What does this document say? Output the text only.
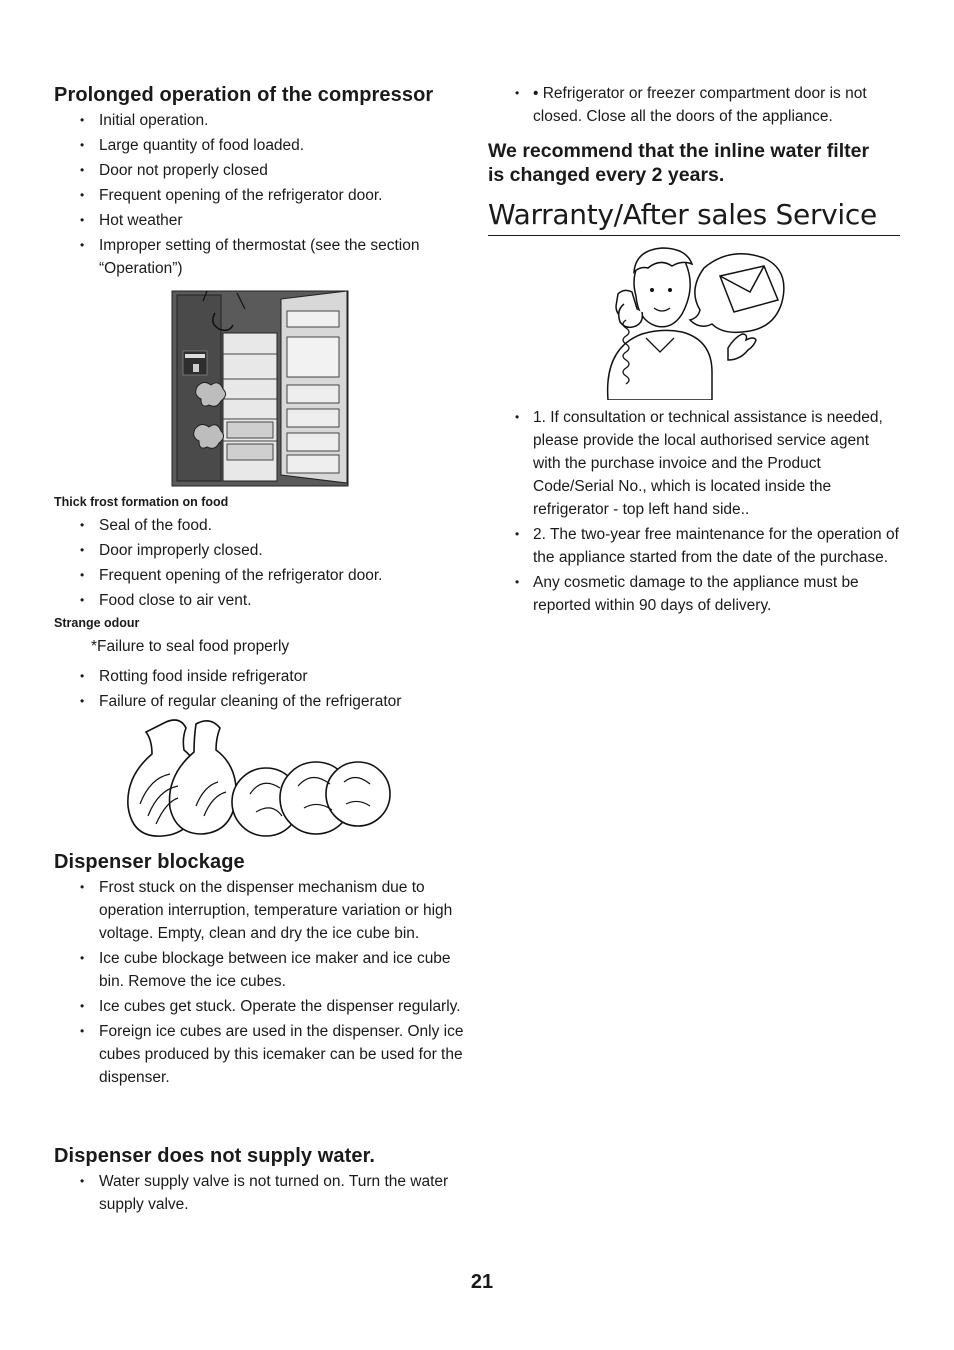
Prolonged operation of the compressor
• Initial operation.
• Large quantity of food loaded.
• Door not properly closed
• Frequent opening of the refrigerator door.
• Hot weather
• Improper setting of thermostat (see the section “Operation”)
Thick frost formation on food
• Seal of the food.
• Door improperly closed.
• Frequent opening of the refrigerator door.
• Food close to air vent.
Strange odour
*Failure to seal food properly
• Rotting food inside refrigerator
• Failure of regular cleaning of the refrigerator
Dispenser blockage
• Frost stuck on the dispenser mechanism due to operation interruption, temperature variation or high voltage. Empty, clean and dry the ice cube bin.
• Ice cube blockage between ice maker and ice cube bin. Remove the ice cubes.
• Ice cubes get stuck. Operate the dispenser regularly.
• Foreign ice cubes are used in the dispenser. Only ice cubes produced by this icemaker can be used for the dispenser.
Dispenser does not supply water.
• Water supply valve is not turned on. Turn the water supply valve.
• • Refrigerator or freezer compartment door is not closed. Close all the doors of the appliance.
We recommend that the inline water filter is changed every 2 years.
Warranty/After sales Service
• 1. If consultation or technical assistance is needed, please provide the local authorised service agent with the purchase invoice and the Product Code/Serial No., which is located inside the refrigerator - top left hand side..
• 2. The two-year free maintenance for the operation of the appliance started from the date of the purchase.
• Any cosmetic damage to the appliance must be reported within 90 days of delivery.
21
